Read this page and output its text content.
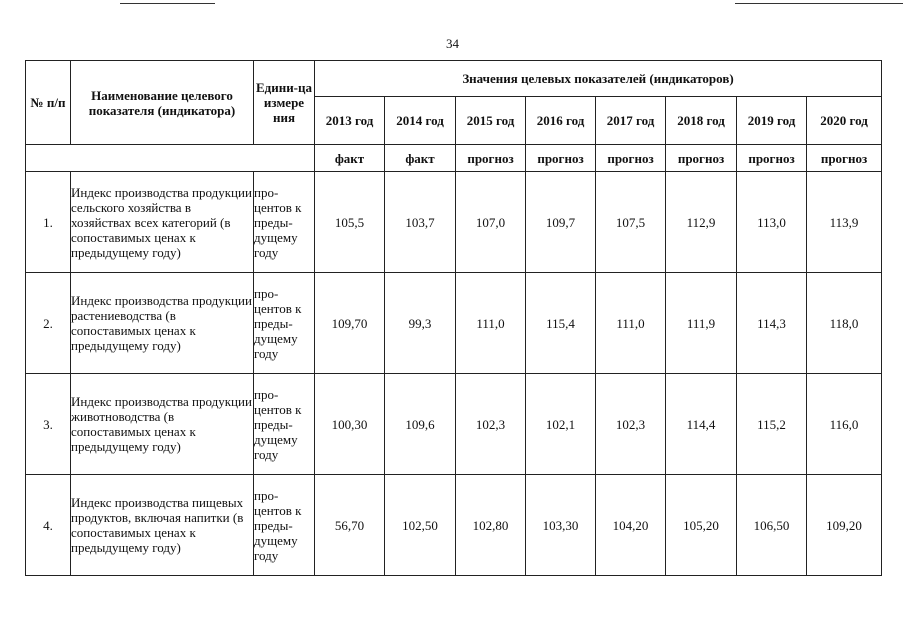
34
№ п/п	Наименование целевого показателя (индикатора)	Едини-ца измере ния	Значения целевых показателей (индикаторов)							
			2013 год	2014 год	2015 год	2016 год	2017 год	2018 год	2019 год	2020 год
			факт	факт	прогноз	прогноз	прогноз	прогноз	прогноз	прогноз
1.	Индекс производства продукции сельского хозяйства в хозяйствах всех категорий (в сопоставимых ценах к предыдущему году)	про-центов к преды-дущему году	105,5	103,7	107,0	109,7	107,5	112,9	113,0	113,9
2.	Индекс производства продукции растениеводства (в сопоставимых ценах к предыдущему году)	про-центов к преды-дущему году	109,70	99,3	111,0	115,4	111,0	111,9	114,3	118,0
3.	Индекс производства продукции животноводства (в сопоставимых ценах к предыдущему году)	про-центов к преды-дущему году	100,30	109,6	102,3	102,1	102,3	114,4	115,2	116,0
4.	Индекс производства пищевых продуктов, включая напитки (в сопоставимых ценах к предыдущему году)	про-центов к преды-дущему году	56,70	102,50	102,80	103,30	104,20	105,20	106,50	109,20
